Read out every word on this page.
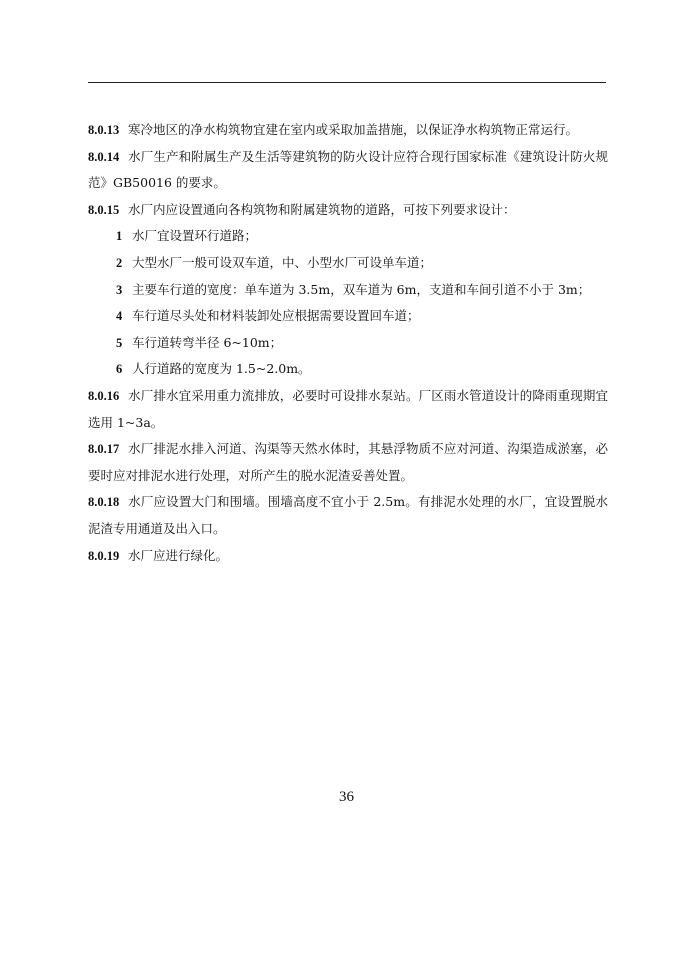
8.0.13 寒冷地区的净水构筑物宜建在室内或采取加盖措施，以保证净水构筑物正常运行。

8.0.14 水厂生产和附属生产及生活等建筑物的防火设计应符合现行国家标准《建筑设计防火规范》GB50016 的要求。

8.0.15 水厂内应设置通向各构筑物和附属建筑物的道路，可按下列要求设计：

1 水厂宜设置环行道路；

2 大型水厂一般可设双车道，中、小型水厂可设单车道；

3 主要车行道的宽度：单车道为 3.5m，双车道为 6m，支道和车间引道不小于 3m；

4 车行道尽头处和材料装卸处应根据需要设置回车道；

5 车行道转弯半径 6~10m；

6 人行道路的宽度为 1.5~2.0m。

8.0.16 水厂排水宜采用重力流排放，必要时可设排水泵站。厂区雨水管道设计的降雨重现期宜选用 1~3a。

8.0.17 水厂排泥水排入河道、沟渠等天然水体时，其悬浮物质不应对河道、沟渠造成淤塞，必要时应对排泥水进行处理，对所产生的脱水泥渣妥善处置。

8.0.18 水厂应设置大门和围墙。围墙高度不宜小于 2.5m。有排泥水处理的水厂，宜设置脱水泥渣专用通道及出入口。

8.0.19 水厂应进行绿化。

36
